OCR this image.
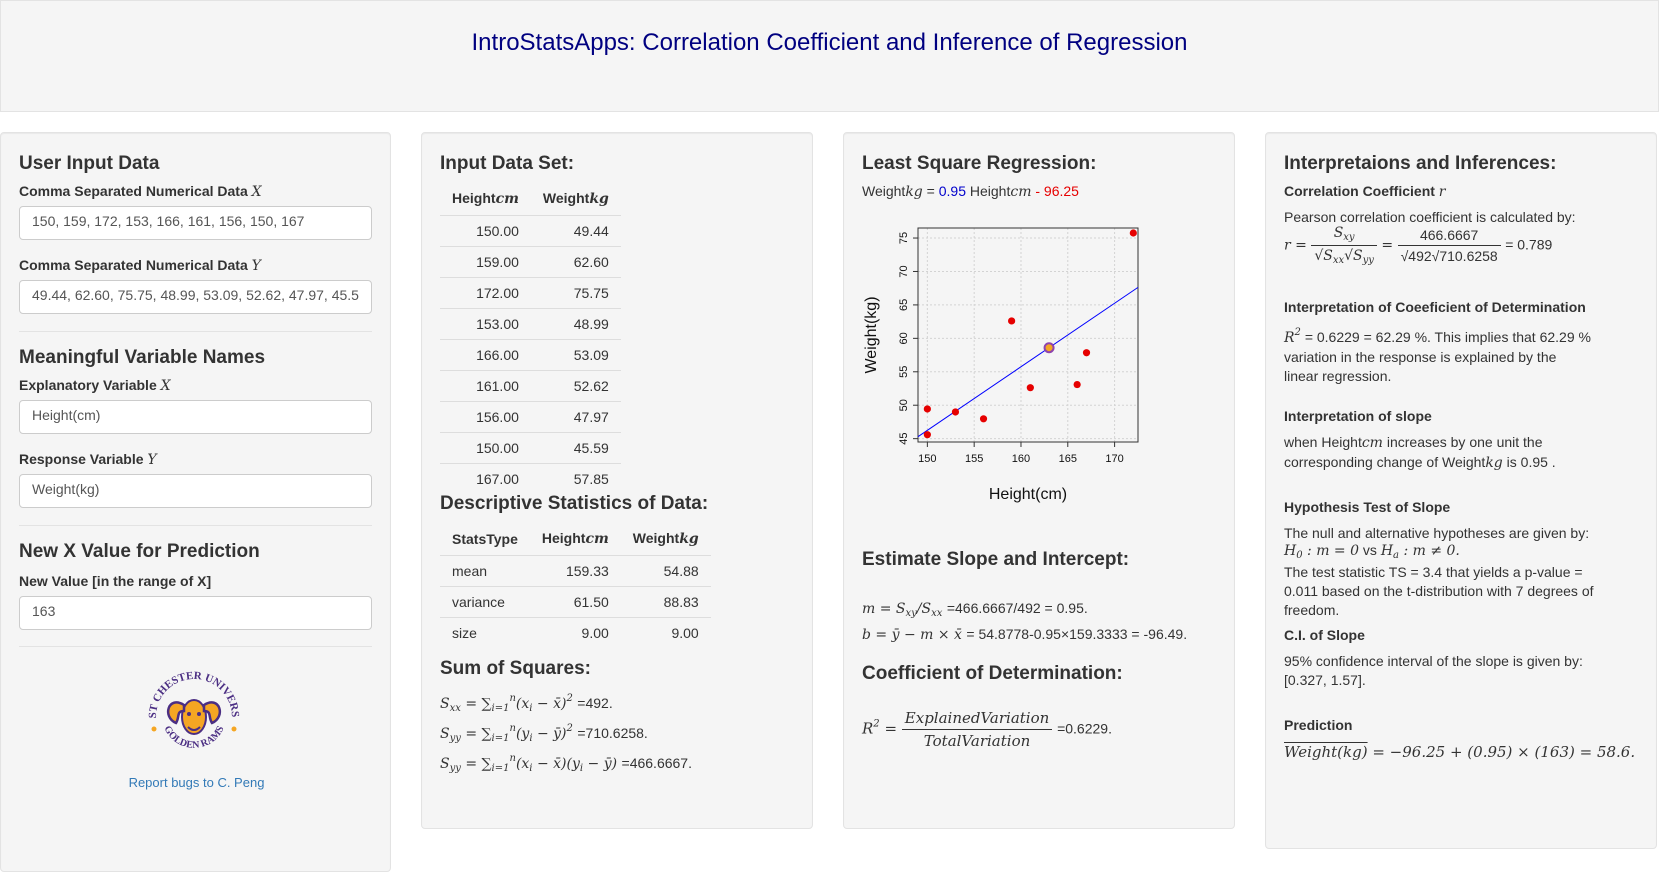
IntroStatsApps: Correlation Coefficient and Inference of Regression
User Input Data
Comma Separated Numerical Data X
150, 159, 172, 153, 166, 161, 156, 150, 167
Comma Separated Numerical Data Y
49.44, 62.60, 75.75, 48.99, 53.09, 52.62, 47.97, 45.5
Meaningful Variable Names
Explanatory Variable X
Height(cm)
Response Variable Y
Weight(kg)
New X Value for Prediction
New Value [in the range of X]
163
ST CHESTER UNIVERS
GOLDEN RAMS
Report bugs to C. Peng
Input Data Set:
Heightcm	Weightkg
150.00	49.44
159.00	62.60
172.00	75.75
153.00	48.99
166.00	53.09
161.00	52.62
156.00	47.97
150.00	45.59
167.00	57.85
Descriptive Statistics of Data:
StatsType	Heightcm	Weightkg
mean	159.33	54.88
variance	61.50	88.83
size	9.00	9.00
Sum of Squares:
$S_{xx} = \sum_{i=1}^n(x_i$ − x̄)$^2$ =492.
$S_{yy} = \sum_{i=1}^n(y_i$ − ȳ)$^2$ =710.6258.
$S_{yy} = \sum_{i=1}^n(x_i$ − $x̄)(y_i$ − ȳ) =466.6667.
Least Square Regression:
Weightkg = 0.95 Heightcm - 96.25
150	155	160	165	170
45
50
55
60
65
70
75
Height(cm)
Weight(kg)
Estimate Slope and Intercept:
$m = S_{xy}/S_{xx} =466.6667/492 = 0.95$.
b = ȳ − m × x̄ = 54.8778-0.95×159.3333 = -96.49.
Coefficient of Determination:
$R^2 = \frac{\text{ExplainedVariation}}{\text{TotalVariation}} =0.6229$.
Interpretaions and Inferences:
Correlation Coefficient r
Pearson correlation coefficient is calculated by:
$r = \frac{S_{xy}}{√S_{xx}√S_{yy}} = \frac{466.6667}{√492√710.6258} = 0.789$
Interpretation of Coeeficient of Determination
$R^2 = 0.6229 = 62.29$ %. This implies that 62.29 % variation in the response is explained by the linear regression.
Interpretation of slope
when Heightcm increases by one unit the corresponding change of Weightkg is 0.95 .
Hypothesis Test of Slope
The null and alternative hypotheses are given by:
$H_0$ : m = 0 vs $H_a$ : m ≠ 0.
The test statistic TS = 3.4 that yields a p-value = 0.011 based on the t-distribution with 7 degrees of freedom.
C.I. of Slope
95% confidence interval of the slope is given by: [0.327, 1.57].
Prediction
Weight(kg) = −96.25 + (0.95) × (163) = 58.6.
